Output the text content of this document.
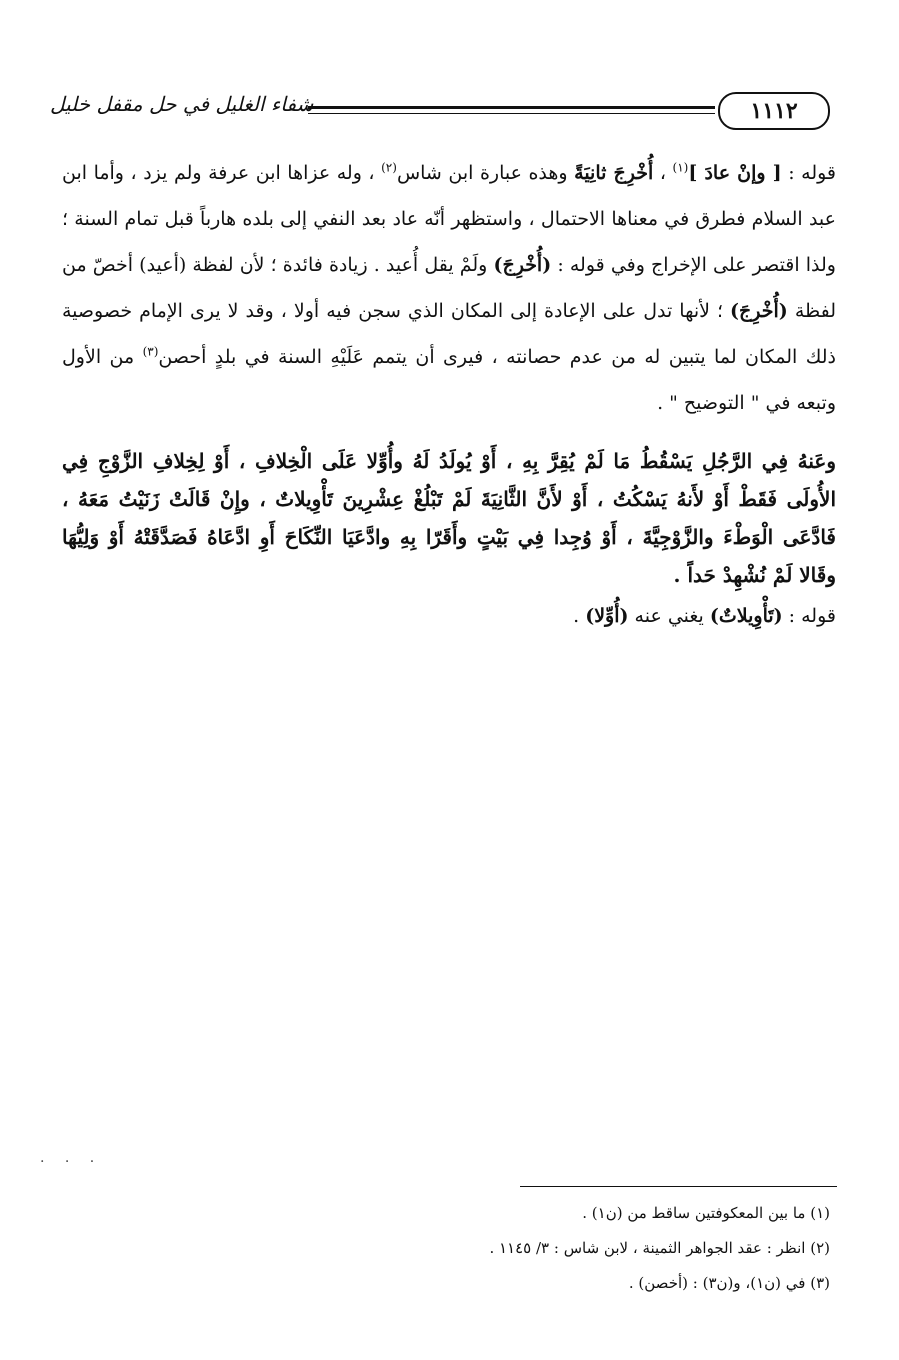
١١١٢
شفاء الغليل في حل مقفل خليل

قوله : [ وإنْ عادَ ]$^{(١)}$ ، أُخْرِجَ ثانِيَةً وهذه عبارة ابن شاس$^{(٢)}$ ، وله عزاها ابن عرفة ولم يزد ، وأما ابن عبد السلام فطرق في معناها الاحتمال ، واستظهر أنّه عاد بعد النفي إلى بلده هارباً قبل تمام السنة ؛ ولذا اقتصر على الإخراج وفي قوله : (أُخْرِجَ) ولَمْ يقل أُعيد . زيادة فائدة ؛ لأن لفظة (أعيد) أخصّ من لفظة (أُخْرِجَ) ؛ لأنها تدل على الإعادة إلى المكان الذي سجن فيه أولا ، وقد لا يرى الإمام خصوصية ذلك المكان لما يتبين له من عدم حصانته ، فيرى أن يتمم عَلَيْهِ السنة في بلدٍ أحصن$^{(٣)}$ من الأول وتبعه في " التوضيح " .

وعَنهُ فِي الرَّجُلِ يَسْقُطُ مَا لَمْ يُقِرَّ بِهِ ، أَوْ يُولَدُ لَهُ وأُوِّلا عَلَى الْخِلافِ ، أَوْ لِخِلافِ الزَّوْجِ فِي الأُولَى فَقَطْ أَوْ لأَنهُ يَسْكُتُ ، أَوْ لأَنَّ الثَّانِيَةَ لَمْ تَبْلُغْ عِشْرِينَ تَأْوِيلاتٌ ، وإِنْ قَالَتْ زَنَيْتُ مَعَهُ ، فَادَّعَى الْوَطْءَ والزَّوْجِيَّةَ ، أَوْ وُجِدا فِي بَيْتٍ وأَقَرّا بِهِ وادَّعَيَا النِّكَاحَ أَوِ ادَّعَاهُ فَصَدَّقَتْهُ أَوْ وَلِيُّهَا وقَالا لَمْ نُشْهِدْ حَداً .

قوله : (تَأْوِيلاتٌ) يغني عنه (أُوِّلا) .
. . .
(١) ما بين المعكوفتين ساقط من (ن١) .
(٢) انظر : عقد الجواهر الثمينة ، لابن شاس : ٣/ ١١٤٥ .
(٣) في (ن١)، و(ن٣) : (أخصن) .
